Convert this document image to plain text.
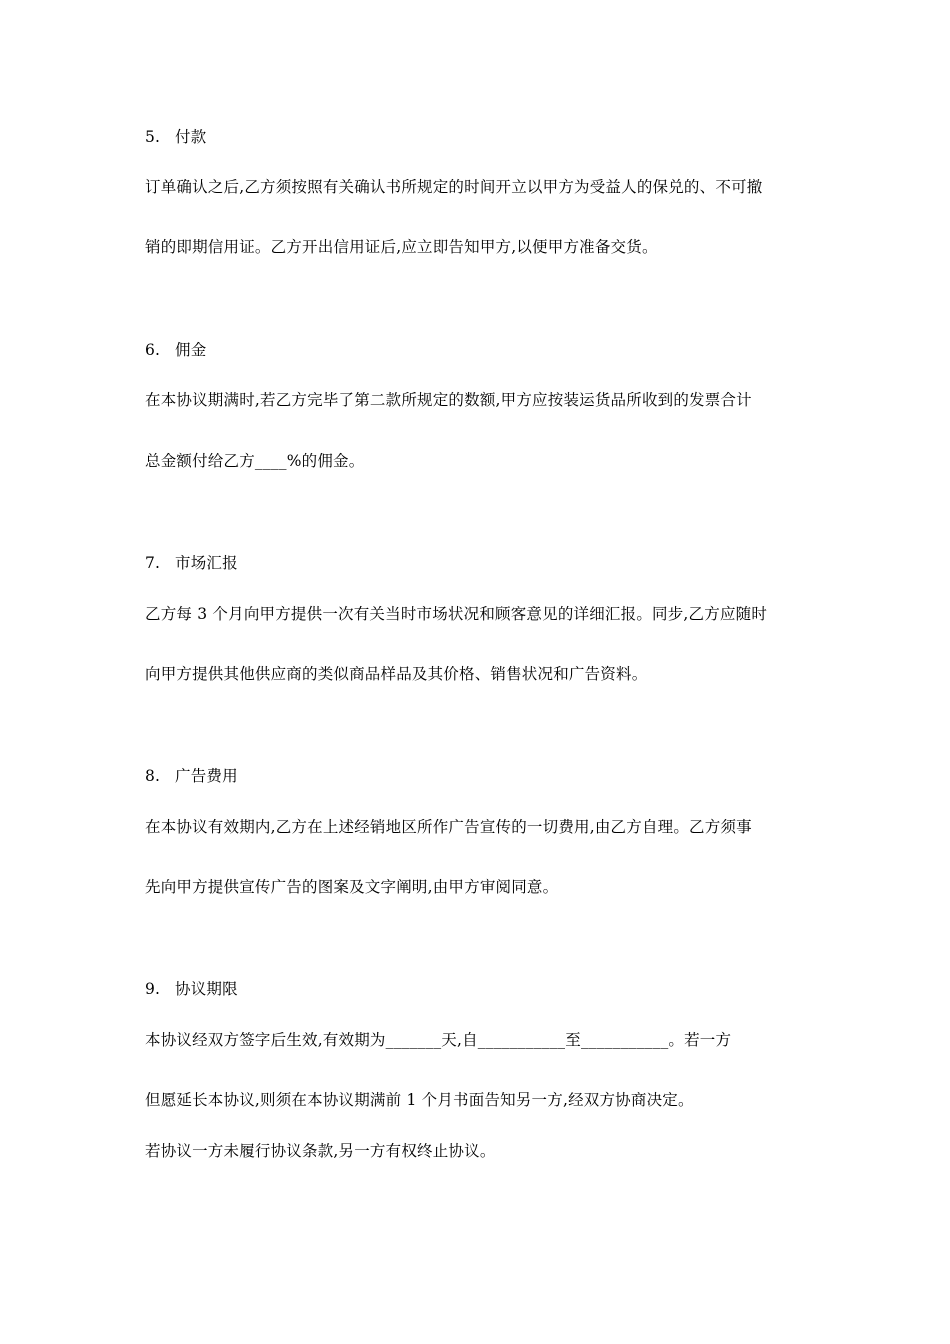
5. 付款
订单确认之后,乙方须按照有关确认书所规定的时间开立以甲方为受益人的保兑的、不可撤
销的即期信用证。乙方开出信用证后,应立即告知甲方,以便甲方准备交货。
6. 佣金
在本协议期满时,若乙方完毕了第二款所规定的数额,甲方应按装运货品所收到的发票合计
总金额付给乙方____%的佣金。
7. 市场汇报
乙方每 3 个月向甲方提供一次有关当时市场状况和顾客意见的详细汇报。同步,乙方应随时
向甲方提供其他供应商的类似商品样品及其价格、销售状况和广告资料。
8. 广告费用
在本协议有效期内,乙方在上述经销地区所作广告宣传的一切费用,由乙方自理。乙方须事
先向甲方提供宣传广告的图案及文字阐明,由甲方审阅同意。
9. 协议期限
本协议经双方签字后生效,有效期为_______天,自___________至___________。若一方
但愿延长本协议,则须在本协议期满前 1 个月书面告知另一方,经双方协商决定。
若协议一方未履行协议条款,另一方有权终止协议。
